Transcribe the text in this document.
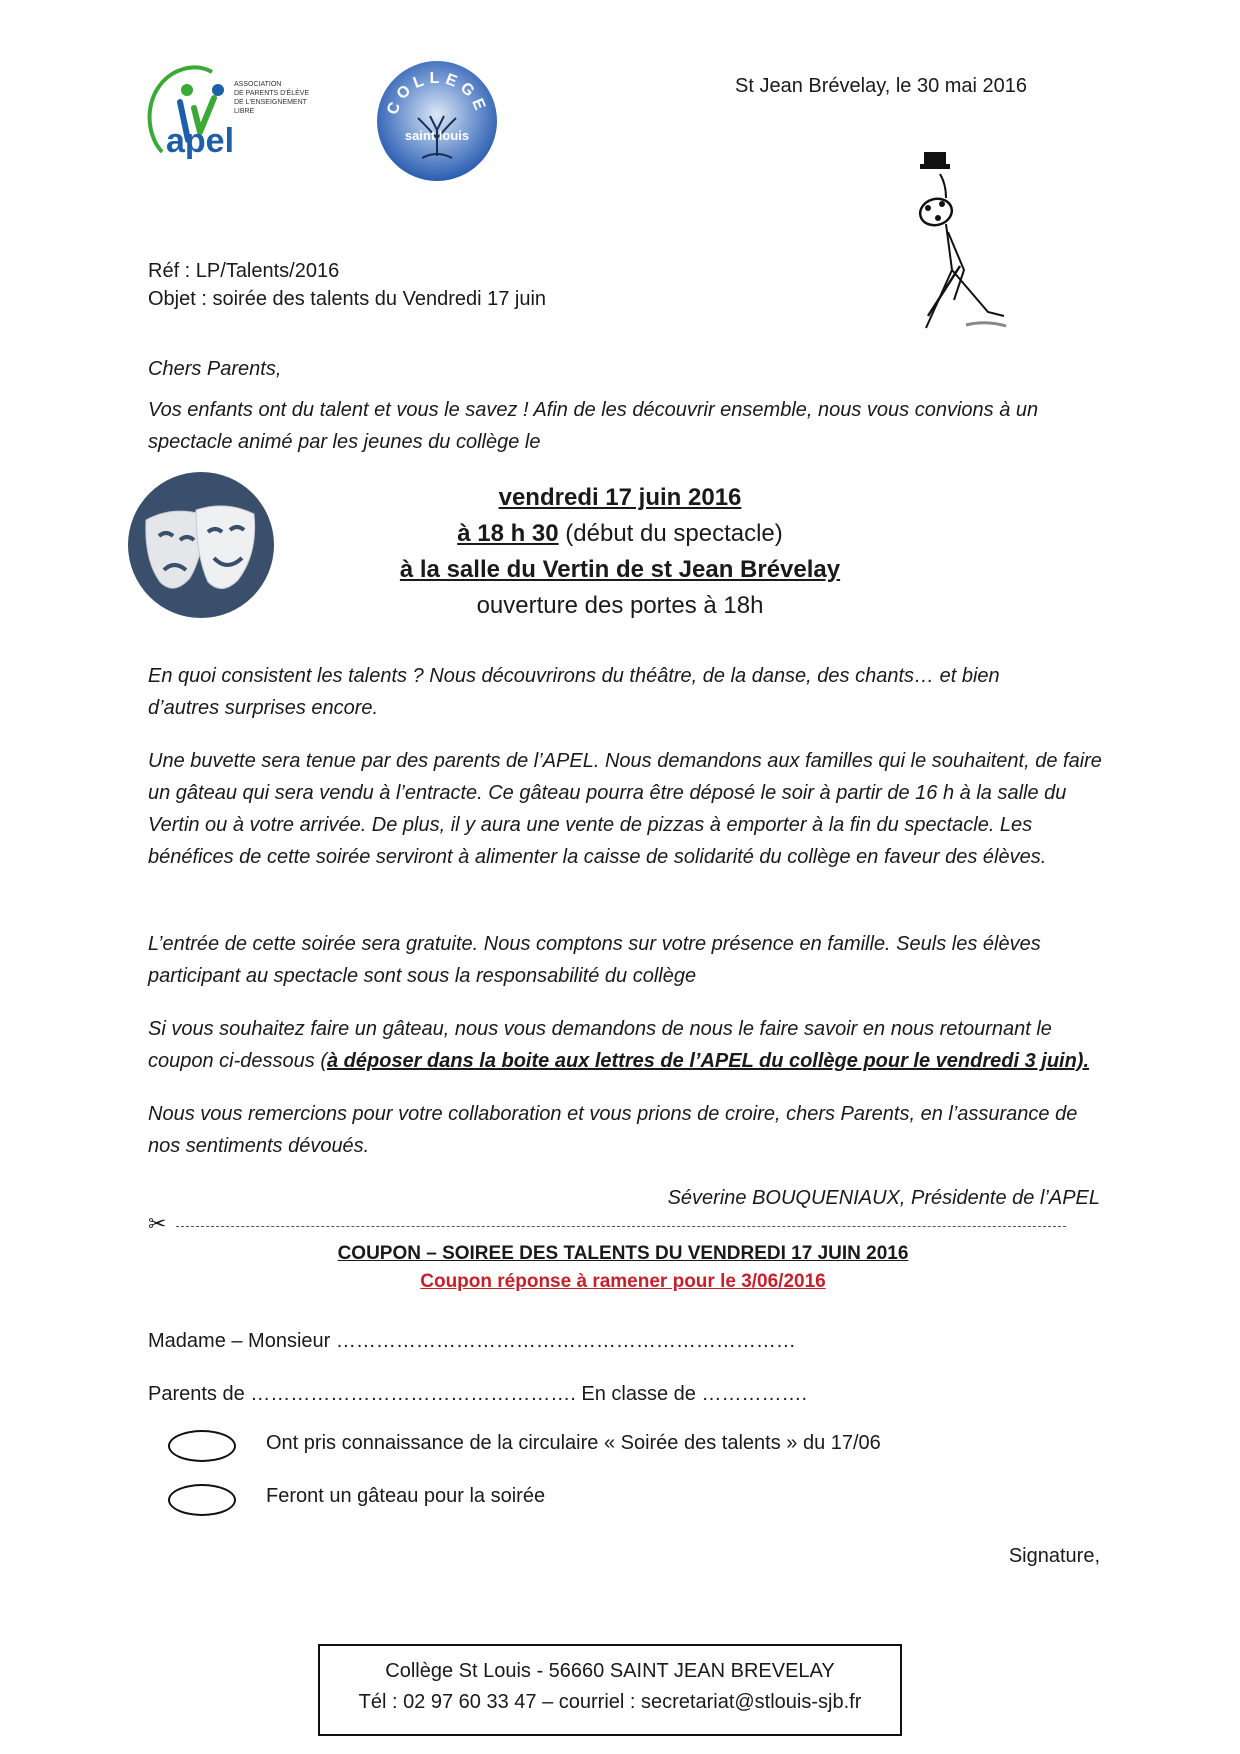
apel
ASSOCIATION
DE PARENTS D'ÉLÈVE
DE L'ENSEIGNEMENT
LIBRE	COLLEGE
saint louis
St Jean Brévelay, le 30 mai 2016
Réf : LP/Talents/2016
Objet : soirée des talents du Vendredi 17 juin
Chers Parents,

Vos enfants ont du talent et vous le savez ! Afin de les découvrir ensemble, nous vous convions à un spectacle animé par les jeunes du collège le

vendredi 17 juin 2016
à 18 h 30 (début du spectacle)
à la salle du Vertin de st Jean Brévelay
ouverture des portes à 18h

En quoi consistent les talents ? Nous découvrirons du théâtre, de la danse, des chants… et bien d’autres surprises encore.

Une buvette sera tenue par des parents de l’APEL. Nous demandons aux familles qui le souhaitent, de faire un gâteau qui sera vendu à l’entracte. Ce gâteau pourra être déposé le soir à partir de 16 h à la salle du Vertin ou à votre arrivée. De plus, il y aura une vente de pizzas à emporter à la fin du spectacle. Les bénéfices de cette soirée serviront à alimenter la caisse de solidarité du collège en faveur des élèves.

L’entrée de cette soirée sera gratuite. Nous comptons sur votre présence en famille. Seuls les élèves participant au spectacle sont sous la responsabilité du collège

Si vous souhaitez faire un gâteau, nous vous demandons de nous le faire savoir en nous retournant le coupon ci-dessous (à déposer dans la boite aux lettres de l’APEL du collège pour le vendredi 3 juin).

Nous vous remercions pour votre collaboration et vous prions de croire, chers Parents, en l’assurance de nos sentiments dévoués.

Séverine BOUQUENIAUX, Présidente de l’APEL
✂
COUPON – SOIREE DES TALENTS DU VENDREDI 17 JUIN 2016
Coupon réponse à ramener pour le 3/06/2016
Madame – Monsieur ……………………………………………………………
Parents de …………………………………………. En classe de …………….
Ont pris connaissance de la circulaire « Soirée des talents » du 17/06
Feront un gâteau pour la soirée
Signature,
Collège St Louis - 56660 SAINT JEAN BREVELAY
Tél : 02 97 60 33 47 – courriel : secretariat@stlouis-sjb.fr
